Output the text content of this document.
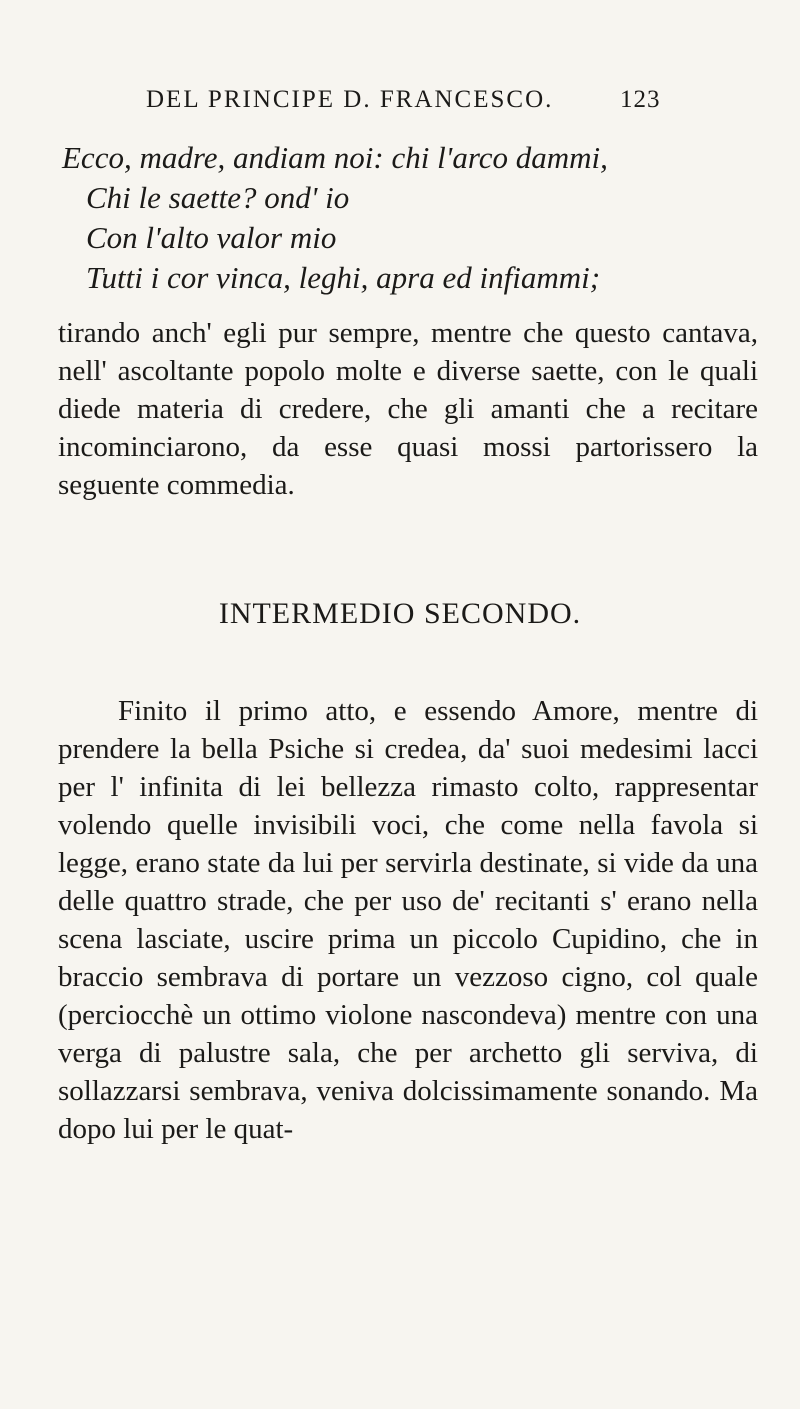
DEL PRINCIPE D. FRANCESCO.	123
Ecco, madre, andiam noi: chi l'arco dammi,
Chi le saette? ond' io
Con l'alto valor mio
Tutti i cor vinca, leghi, apra ed infiammi;
tirando anch' egli pur sempre, mentre che questo cantava, nell' ascoltante popolo molte e diverse saette, con le quali diede materia di credere, che gli amanti che a recitare incominciarono, da esse quasi mossi partorissero la seguente commedia.
INTERMEDIO SECONDO.
Finito il primo atto, e essendo Amore, mentre di prendere la bella Psiche si credea, da' suoi medesimi lacci per l' infinita di lei bellezza rimasto colto, rappresentar volendo quelle invisibili voci, che come nella favola si legge, erano state da lui per servirla destinate, si vide da una delle quattro strade, che per uso de' recitanti s' erano nella scena lasciate, uscire prima un piccolo Cupidino, che in braccio sembrava di portare un vezzoso cigno, col quale (perciocchè un ottimo violone nascondeva) mentre con una verga di palustre sala, che per archetto gli serviva, di sollazzarsi sembrava, veniva dolcissimamente sonando. Ma dopo lui per le quat-
